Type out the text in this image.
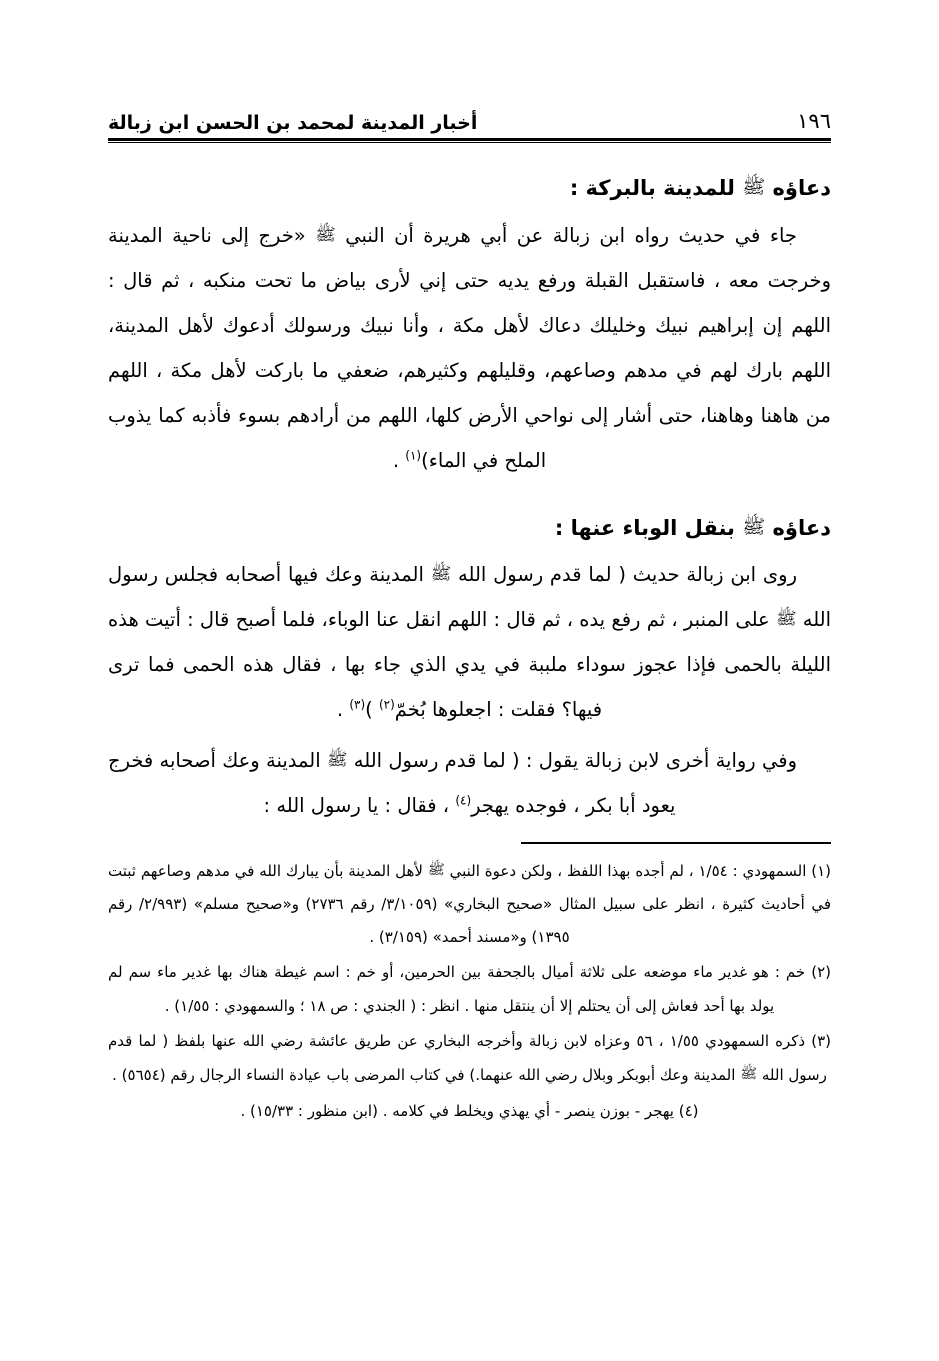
أخبار المدينة لمحمد بن الحسن ابن زبالة	١٩٦
دعاؤه ﷺ للمدينة بالبركة :

جاء في حديث رواه ابن زبالة عن أبي هريرة أن النبي ﷺ «خرج إلى ناحية المدينة وخرجت معه ، فاستقبل القبلة ورفع يديه حتى إني لأرى بياض ما تحت منكبه ، ثم قال : اللهم إن إبراهيم نبيك وخليلك دعاك لأهل مكة ، وأنا نبيك ورسولك أدعوك لأهل المدينة، اللهم بارك لهم في مدهم وصاعهم، وقليلهم وكثيرهم، ضعفي ما باركت لأهل مكة ، اللهم من هاهنا وهاهنا، حتى أشار إلى نواحي الأرض كلها، اللهم من أرادهم بسوء فأذبه كما يذوب الملح في الماء)$^{(١)}$ .

دعاؤه ﷺ بنقل الوباء عنها :

روى ابن زبالة حديث ( لما قدم رسول الله ﷺ المدينة وعك فيها أصحابه فجلس رسول الله ﷺ على المنبر ، ثم رفع يده ، ثم قال : اللهم انقل عنا الوباء، فلما أصبح قال : أتيت هذه الليلة بالحمى فإذا عجوز سوداء ملببة في يدي الذي جاء بها ، فقال هذه الحمى فما ترى فيها؟ فقلت : اجعلوها بُخمّ$^{(٢)}$ )$^{(٣)}$ .

وفي رواية أخرى لابن زبالة يقول : ( لما قدم رسول الله ﷺ المدينة وعك أصحابه فخرج يعود أبا بكر ، فوجده يهجر$^{(٤)}$ ، فقال : يا رسول الله :

(١) السمهودي : ١/٥٤ ، لم أجده بهذا اللفظ ، ولكن دعوة النبي ﷺ لأهل المدينة بأن يبارك الله في مدهم وصاعهم ثبتت في أحاديث كثيرة ، انظر على سبيل المثال «صحيح البخاري» (٣/١٠٥٩/ رقم ٢٧٣٦) و«صحيح مسلم» (٢/٩٩٣/ رقم ١٣٩٥) و«مسند أحمد» (٣/١٥٩) .

(٢) خم : هو غدير ماء موضعه على ثلاثة أميال بالجحفة بين الحرمين، أو خم : اسم غيطة هناك بها غدير ماء سم لم يولد بها أحد فعاش إلى أن يحتلم إلا أن ينتقل منها . انظر : ( الجندي : ص ١٨ ؛ والسمهودي : ١/٥٥) .

(٣) ذكره السمهودي ١/٥٥ ، ٥٦ وعزاه لابن زبالة وأخرجه البخاري عن طريق عائشة رضي الله عنها بلفظ ( لما قدم رسول الله ﷺ المدينة وعك أبوبكر وبلال رضي الله عنهما.) في كتاب المرضى باب عيادة النساء الرجال رقم (٥٦٥٤) .

(٤) يهجر - بوزن ينصر - أي يهذي ويخلط في كلامه . (ابن منظور : ١٥/٣٣) .
